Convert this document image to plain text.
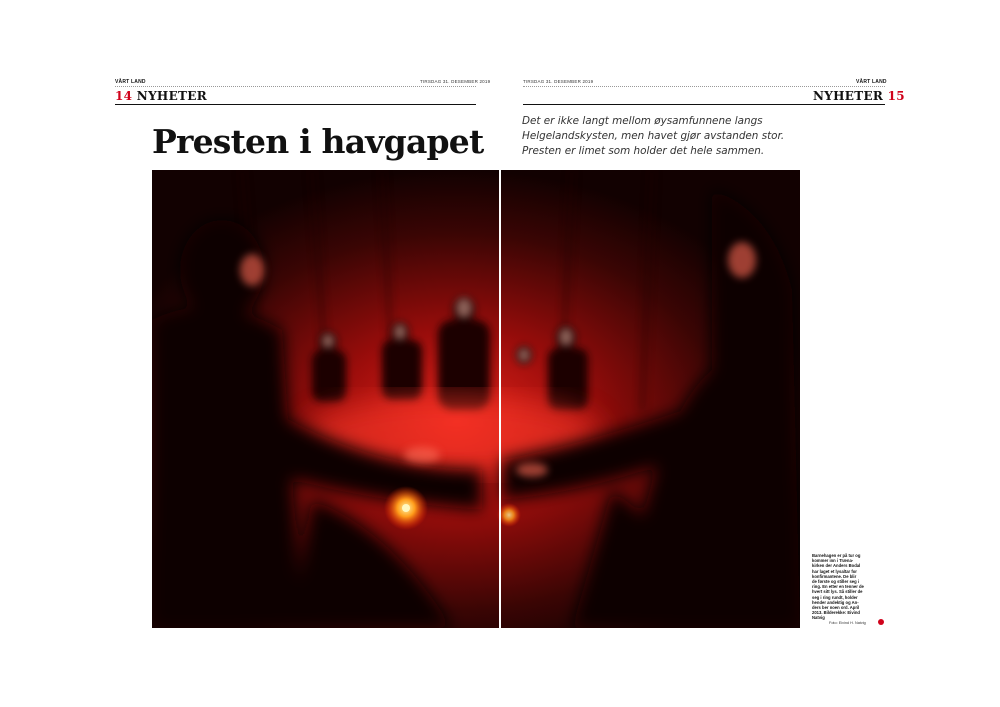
VÅRT LAND	TIRSDAG 31. DESEMBER 2019
14 NYHETER
TIRSDAG 31. DESEMBER 2019	VÅRT LAND
NYHETER 15
Presten i havgapet
Det er ikke langt mellom øysamfunnene langs
Helgelandskysten, men havet gjør avstanden stor.
Presten er limet som holder det hele sammen.
Barnehagen er på tur og
kommer inn i Træna-
kirken der Anders Bodal
har laget et lysaltar for
konfirmantene. De blir
de første og stiller seg i
ring. En etter en tenner de
hvert sitt lys. Så stiller de
seg i ring rundt, holder
hender andektig og An-
ders ber noen ord. April
2013. Bilderekke: Eivind
Natvig
Foto: Eivind H. Natvig
